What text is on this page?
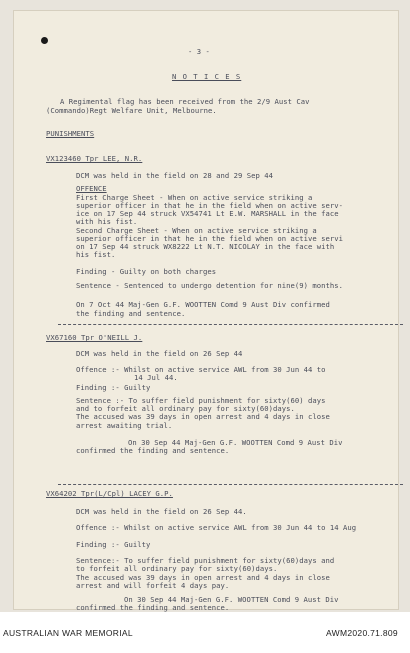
- 3 -
N O T I C E S
A Regimental flag has been received from the 2/9 Aust Cav
(Commando)Regt Welfare Unit, Melbourne.
PUNISHMENTS
VX123460 Tpr LEE, N.R.
DCM was held in the field on 28 and 29 Sep 44
OFFENCE
First Charge Sheet - When on active service striking a
superior officer in that he in the field when on active serv-
ice on 17 Sep 44 struck VX54741 Lt E.W. MARSHALL in the face
with his fist.
Second Charge Sheet - When on active service striking a
superior officer in that he in the field when on active servi
on 17 Sep 44 struck WX8222 Lt N.T. NICOLAY in the face with
his fist.
Finding - Guilty on both charges
Sentence - Sentenced to undergo detention for nine(9) months.
On 7 Oct 44 Maj-Gen G.F. WOOTTEN Comd 9 Aust Div confirmed
the finding and sentence.
VX67160 Tpr O'NEILL J.
DCM was held in the field on 26 Sep 44
Offence :- Whilst on active service AWL from 30 Jun 44 to
14 Jul 44.
Finding :- Guilty
Sentence :- To suffer field punishment for sixty(60) days
and to forfeit all ordinary pay for sixty(60)days.
The accused was 39 days in open arrest and 4 days in close
arrest awaiting trial.
On 30 Sep 44 Maj-Gen G.F. WOOTTEN Comd 9 Aust Div
confirmed the finding and sentence.
VX64202 Tpr(L/Cpl) LACEY G.P.
DCM was held in the field on 26 Sep 44.
Offence :- Whilst on active service AWL from 30 Jun 44 to 14 Aug
Finding :- Guilty
Sentence:- To suffer field punishment for sixty(60)days and
to forfeit all ordinary pay for sixty(60)days.
The accused was 39 days in open arrest and 4 days in close
arrest and will forfeit 4 days pay.
On 30 Sep 44 Maj-Gen G.F. WOOTTEN Comd 9 Aust Div
confirmed the finding and sentence.
AUSTRALIAN WAR MEMORIAL	AWM2020.71.809
